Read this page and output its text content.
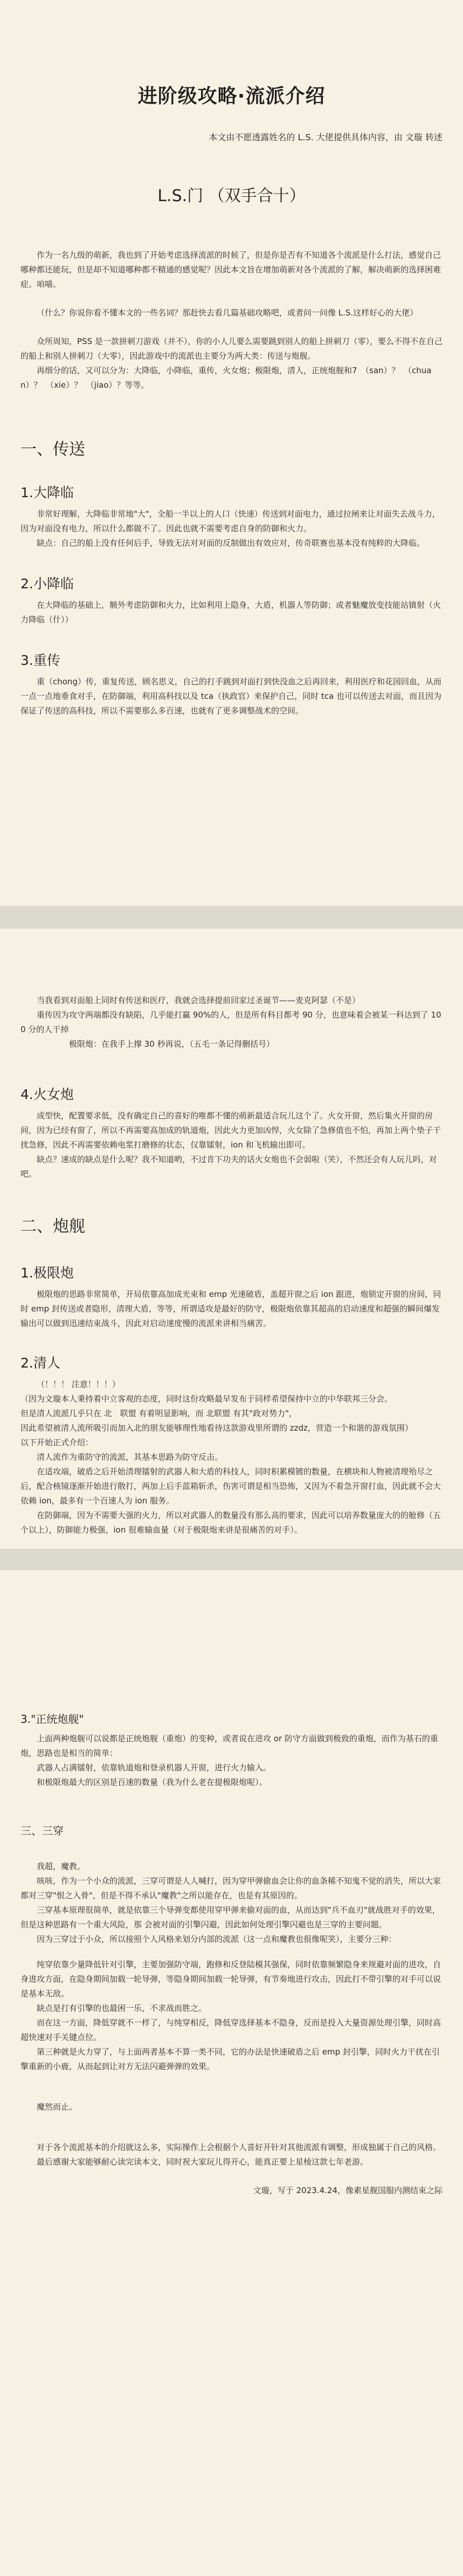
进阶级攻略·流派介绍

本文由不愿透露姓名的 L.S. 大佬提供具体内容，由 文璇 转述

L.S.门 （双手合十）

作为一名九级的萌新，我也到了开始考虑选择流派的时候了，但是你是否有不知道各个流派是什么打法，感觉自己哪种都还能玩，但是却不知道哪种都不精通的感觉呢？因此本文旨在增加萌新对各个流派的了解，解决萌新的选择困难症。咱喵。

（什么？你说你看不懂本文的一些名词？那赶快去看几篇基础攻略吧，或者问一问像 L.S.这样好心的大佬）

众所周知，PSS 是一款拼刺刀游戏（并不），你的小人儿要么需要跳到别人的船上拼刺刀（零），要么不得不在自己的船上和别人拼刺刀（大零），因此游戏中的流派也主要分为两大类：传送与炮舰。

再细分的话，又可以分为：大降临，小降临，重传，火女炮；极限炮，清人，正统炮舰和7　（san）？　（chuan）？　（xie）？　（jiao）？等等。

一、传送
1.大降临

非常好理解，大降临非常地"大"，全船一半以上的人口（快速）传送到对面电力，通过拉闸来让对面失去战斗力，因为对面没有电力，所以什么都做不了。因此也就不需要考虑自身的防御和火力。

缺点：自己的船上没有任何后手，导致无法对对面的反制做出有效应对，传奇联赛也基本没有纯粹的大降临。

2.小降临

在大降临的基础上，额外考虑防御和火力，比如利用上隐身，大盾，机器人等防御；或者魅魔放变技能站镇射（火力降临（什））

3.重传

重（chong）传，重复传送，顾名思义，自己的打手跳到对面打到快没血之后再回来，利用医疗和花园回血，从而一点一点地垂食对手，在防御端，利用高科技以及 tca（执政官）来保护自己，同时 tca 也可以传送去对面，而且因为保证了传送的高科技，所以不需要那么多百速，也就有了更多调整战术的空间。

当我看到对面船上同时有传送和医疗，我就会选择提前回家过圣诞节——麦克阿瑟（不是）

重传因为攻守两端都没有缺陷，几乎能打赢 90%的人，但是所有科目都考 90 分，也意味着会被某一科达到了 100 分的人干掉

极限炮：在我手上撑 30 秒再说，（五毛一条记得删括号）

4.火女炮

成型快，配置要求低，没有确定自己的喜好的唯都不懂的萌新最适合玩儿这个了。火女开窗，然后集火开窗的房间，因为已经有窗了，所以不再需要高加成的轨道炮，因此火力更加凶悍，火女除了急修值也不怕，再加上两个垫子干扰急修，因此不再需要依赖电浆打磨修的状态，仅靠镭射，ion 和飞机输出即可。

缺点？速成的缺点是什么呢？我不知道哟，不过肯下功夫的话火女炮也不会弱啦（笑），不然还会有人玩儿吗，对吧。

二、炮舰
1.极限炮

极限炮的思路非常简单，开局依靠高加成光束和 emp 光速破盾，盖超开窗之后 ion 跟进，炮锁定开窗的房间，同时 emp 封传送或者隐形，清理大盾，等等，所谓适攻是最好的防守，极限炮依靠其超高的启动速度和超强的瞬间爆发输出可以做到迅速结束战斗，因此对启动速度慢的流派来讲相当痛苦。

2.清人

（！！！ 注意！！！）

（因为文璇本人秉持着中立客观的态度，同时这份攻略最早发布于同样希望保持中立的中华联邦三分会。

但是清人流派几乎只在 北　联盟 有着明显影响，而 北联盟 有其"政对势力"，

因此希望被清人流所吸引而加入北的朋友能够理性地看待这款游戏里所谓的 zzdz，营造一个和谐的游戏氛围）

以下开始正式介绍：

清人流作为重防守的流派，其基本思路为防守反击。

在适攻端，破盾之后开始清理镭射的武器人和大盾的科技人，同时积累模镀的数量，在横块和人物被清理殆尽之后，配合核镜逐渐开始进行散打，两加上后手蓝箱斩杀，伤害可谓是相当恐怖，又因为不着急开窗打血，因此就不会大依赖 ion，最多有一个百速人为 ion 服务。

在防御端，因为不需要大强的火力，所以对武器人的数量没有那么高的要求，因此可以培养数量庞大的的舱修（五个以上），防御能力极强，ion 很难输血量（对于极限炮来讲是很痛苦的对手）。

3."正统炮舰"

上面两种炮舰可以说都是正统炮舰（重炮）的变种，或者说在进攻 or 防守方面做到极致的重炮，而作为基石的重炮，思路也是相当的简单：

武器人占满镭射，依靠轨道炮和登录机器人开窗，进行火力输入。

和极限炮最大的区别是百速的数量（我为什么老在提极限炮呢）。

三、三穿

我超，魔教。

咳咳，作为一个小众的流派，三穿可谓是人人喊打，因为穿甲弹偷血会让你的血条稀不知鬼不觉的消失，所以大家都对三穿"恨之入骨"，但是不得不承认"魔教"之所以能存在，也是有其原因的。

三穿基本原理很简单，就是依靠三个导弹变都使用穿甲弹来偷对面的血，从而达到"兵不血刃"就战胜对手的效果，但是这种思路有一个重大风险，那 会被对面的引擎闪避，因此如何处理引擎闪避也是三穿的主要问题。

因为三穿过于小众，所以接照个人风格来划分内部的流派（这一点和魔教也很像呢笑），主要分三种：

纯穿依靠少量降低针对引擎，主要加强防守端，跑修和反登陆模其强保，同时依靠频繁隐身来规避对面的进攻，自身进攻方面，在隐身期间加载一轮导弹，等隐身期间加载一轮导弹，有节奏地进行攻击，因此打不带引擎的对手可以说是基本无敌。

缺点是打有引擎的也最困一乐，不求战而胜之。

而在这一方面，降低穿就不一样了，与纯穿相反，降低穿选择基本不隐身，反而是投入大量资源处理引擎，同时高超快速对手关键点位。

第三种就是火力穿了，与上面两者基本不算一类不同，它的办法是快速破盾之后 emp 封引擎，同时火力干扰在引擎重新的小鹿，从而起到让对方无法闪避弹弹的效果。

魔然而止。

对于各个流派基本的介绍就这么多，实际操作上会根据个人喜好开针对其他流派有调整，形成独属于自己的风格。

最后感谢大家能够耐心读完读本文，同时祝大家玩儿得开心，能真正要上星棱这款七年老游。

文璇，写于 2023.4.24，像素星舰国服内测结束之际
